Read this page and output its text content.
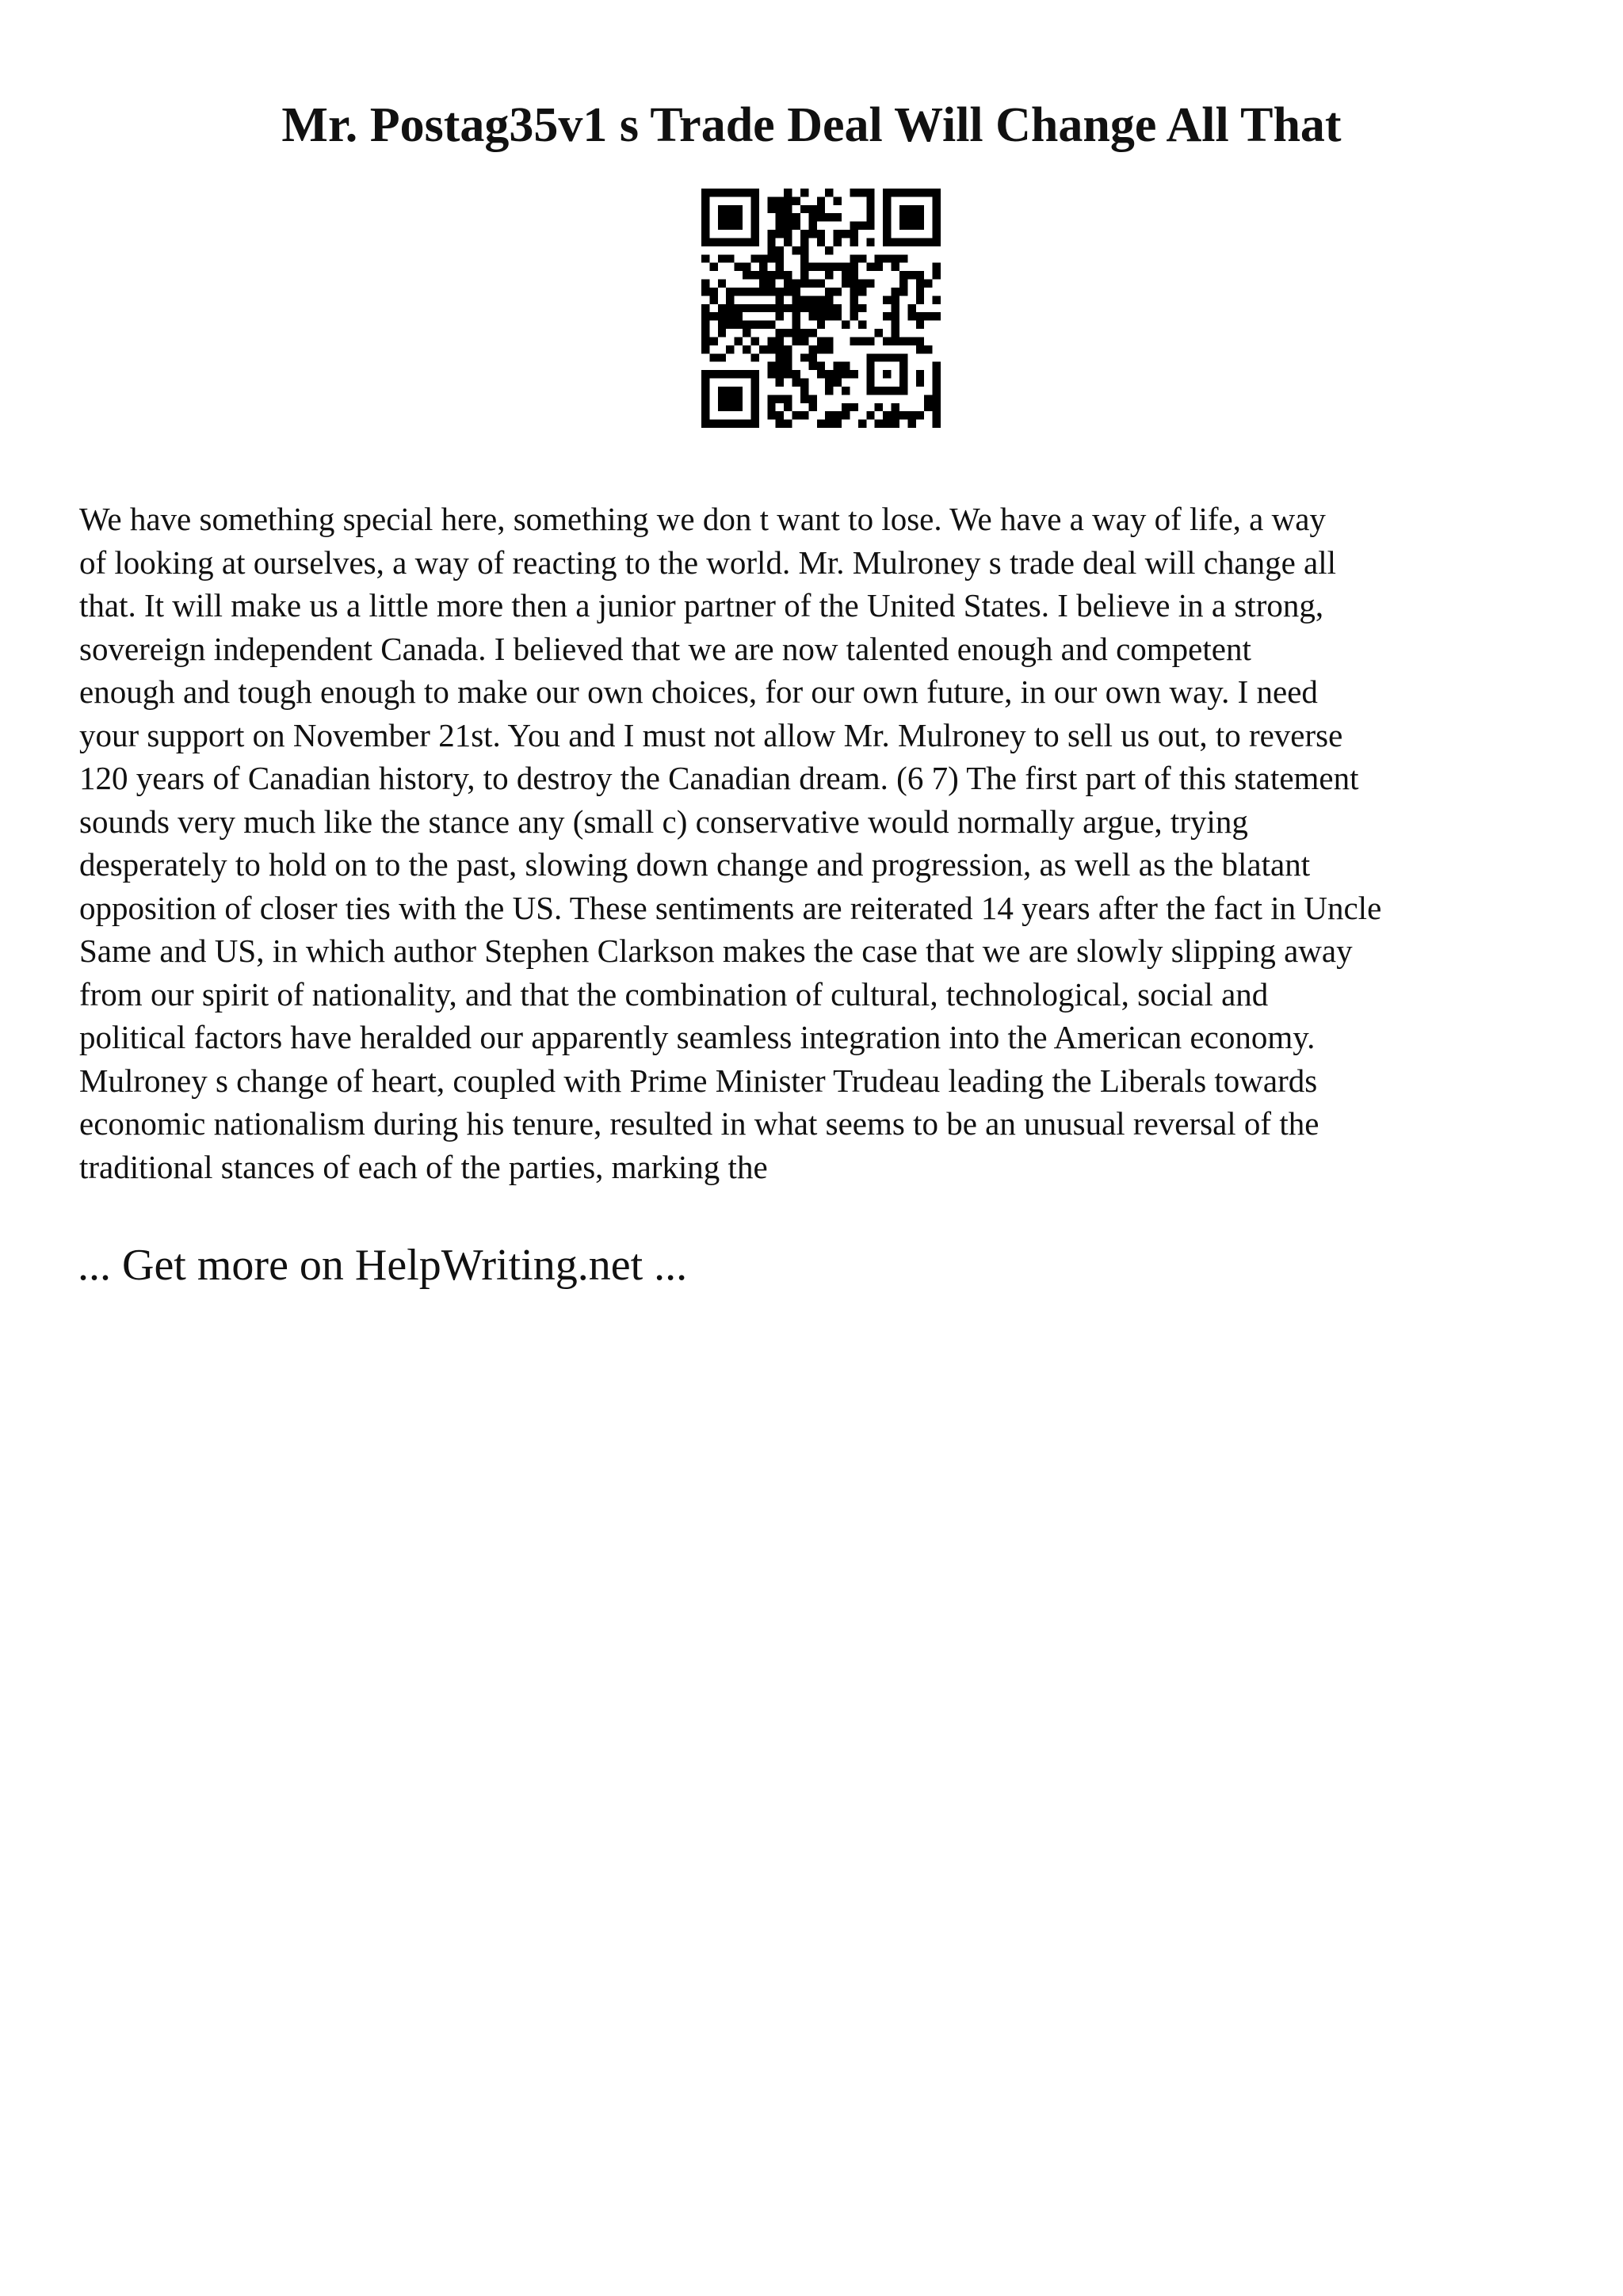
Mr. Postag35v1 s Trade Deal Will Change All That

We have something special here, something we don t want to lose. We have a way of life, a way
of looking at ourselves, a way of reacting to the world. Mr. Mulroney s trade deal will change all
that. It will make us a little more then a junior partner of the United States. I believe in a strong,
sovereign independent Canada. I believed that we are now talented enough and competent
enough and tough enough to make our own choices, for our own future, in our own way. I need
your support on November 21st. You and I must not allow Mr. Mulroney to sell us out, to reverse
120 years of Canadian history, to destroy the Canadian dream. (6 7) The first part of this statement
sounds very much like the stance any (small c) conservative would normally argue, trying
desperately to hold on to the past, slowing down change and progression, as well as the blatant
opposition of closer ties with the US. These sentiments are reiterated 14 years after the fact in Uncle
Same and US, in which author Stephen Clarkson makes the case that we are slowly slipping away
from our spirit of nationality, and that the combination of cultural, technological, social and
political factors have heralded our apparently seamless integration into the American economy.
Mulroney s change of heart, coupled with Prime Minister Trudeau leading the Liberals towards
economic nationalism during his tenure, resulted in what seems to be an unusual reversal of the
traditional stances of each of the parties, marking the

... Get more on HelpWriting.net ...
